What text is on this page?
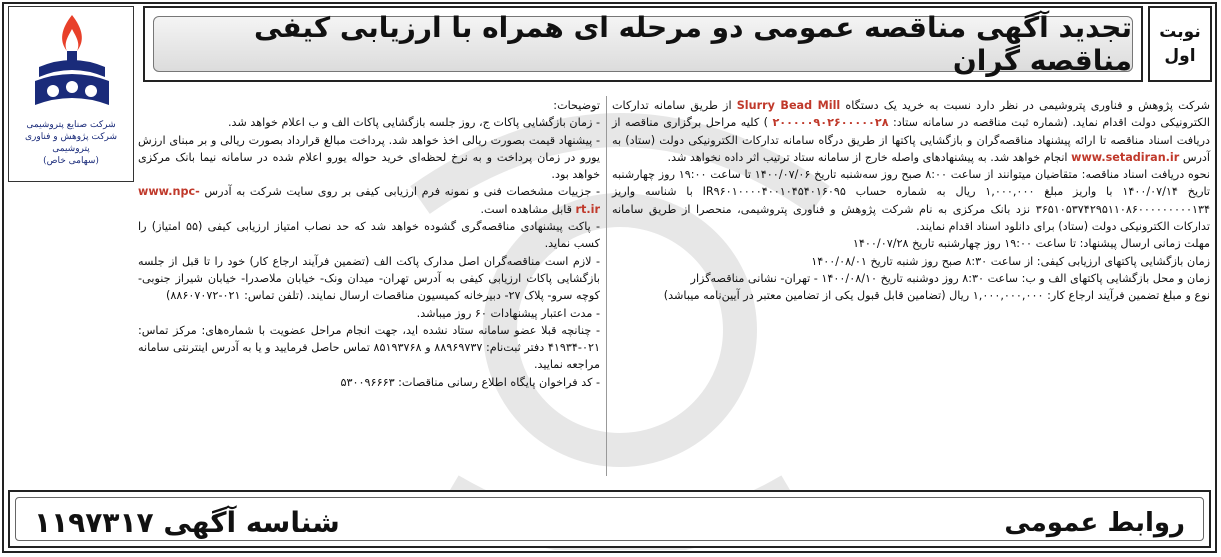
شرکت صنایع پتروشیمی
شرکت پژوهش و فناوری پتروشیمی
(سهامی خاص)
تجدید آگهی مناقصه عمومی دو مرحله ای همراه با ارزیابی کیفی مناقصه گران
نوبت
اول

شرکت پژوهش و فناوری پتروشیمی در نظر دارد نسبت به خرید یک دستگاه Slurry Bead Mill از طریق سامانه تدارکات الکترونیکی دولت اقدام نماید. (شماره ثبت مناقصه در سامانه ستاد: ۲۰۰۰۰۰۹۰۲۶۰۰۰۰۰۲۸ ) کلیه مراحل برگزاری مناقصه از دریافت اسناد مناقصه تا ارائه پیشنهاد مناقصه‌گران و بازگشایی پاکتها از طریق درگاه سامانه تدارکات الکترونیکی دولت (ستاد) به آدرس www.setadiran.ir انجام خواهد شد. به پیشنهادهای واصله خارج از سامانه ستاد ترتیب اثر داده نخواهد شد.

نحوه دریافت اسناد مناقصه: متقاضیان میتوانند از ساعت ۸:۰۰ صبح روز سه‌شنبه تاریخ ۱۴۰۰/۰۷/۰۶ تا ساعت ۱۹:۰۰ روز چهارشنبه تاریخ ۱۴۰۰/۰۷/۱۴ با واریز مبلغ ۱,۰۰۰,۰۰۰ ریال به شماره حساب IR۹۶۰۱۰۰۰۰۴۰۰۱۰۴۵۴۰۱۶۰۹۵ با شناسه واریز ۳۶۵۱۰۵۳۷۴۲۹۵۱۱۰۸۶۰۰۰۰۰۰۰۰۰۱۳۴ نزد بانک مرکزی به نام شرکت پژوهش و فناوری پتروشیمی، منحصرا از طریق سامانه تدارکات الکترونیکی دولت (ستاد) برای دانلود اسناد اقدام نمایند.

مهلت زمانی ارسال پیشنهاد: تا ساعت ۱۹:۰۰ روز چهارشنبه تاریخ ۱۴۰۰/۰۷/۲۸

زمان بازگشایی پاکتهای ارزیابی کیفی: از ساعت ۸:۳۰ صبح روز شنبه تاریخ ۱۴۰۰/۰۸/۰۱

زمان و محل بازگشایی پاکتهای الف و ب: ساعت ۸:۳۰ روز دوشنبه تاریخ ۱۴۰۰/۰۸/۱۰ - تهران- نشانی مناقصه‌گزار

نوع و مبلغ تضمین فرآیند ارجاع کار: ۱,۰۰۰,۰۰۰,۰۰۰ ریال (تضامین قابل قبول یکی از تضامین معتبر در آیین‌نامه میباشد)

توضیحات:

- زمان بازگشایی پاکات ج، روز جلسه بازگشایی پاکات الف و ب اعلام خواهد شد.

- پیشنهاد قیمت بصورت ریالی اخذ خواهد شد. پرداخت مبالغ قرارداد بصورت ریالی و بر مبنای ارزش یورو در زمان پرداخت و به نرخ لحظه‌ای خرید حواله یورو اعلام شده در سامانه نیما بانک مرکزی خواهد بود.

- جزییات مشخصات فنی و نمونه فرم ارزیابی کیفی بر روی سایت شرکت به آدرس www.npc-rt.ir قابل مشاهده است.

- پاکت پیشنهادی مناقصه‌گری گشوده خواهد شد که حد نصاب امتیاز ارزیابی کیفی (۵۵ امتیاز) را کسب نماید.

- لازم است مناقصه‌گران اصل مدارک پاکت الف (تضمین فرآیند ارجاع کار) خود را تا قبل از جلسه بازگشایی پاکات ارزیابی کیفی به آدرس تهران- میدان ونک- خیابان ملاصدرا- خیابان شیراز جنوبی- کوچه سرو- پلاک ۲۷- دبیرخانه کمیسیون مناقصات ارسال نمایند. (تلفن تماس: ۰۲۱-۸۸۶۰۷۰۷۲)

- مدت اعتبار پیشنهادات ۶۰ روز میباشد.

- چنانچه قبلا عضو سامانه ستاد نشده اید، جهت انجام مراحل عضویت با شماره‌های: مرکز تماس: ۰۲۱-۴۱۹۳۴ دفتر ثبت‌نام: ۸۸۹۶۹۷۳۷ و ۸۵۱۹۳۷۶۸ تماس حاصل فرمایید و یا به آدرس اینترنتی سامانه مراجعه نمایید.

- کد فراخوان پایگاه اطلاع رسانی مناقصات: ۵۳۰۰۹۶۶۶۳

شناسه آگهی ۱۱۹۷۳۱۷	روابط عمومی
